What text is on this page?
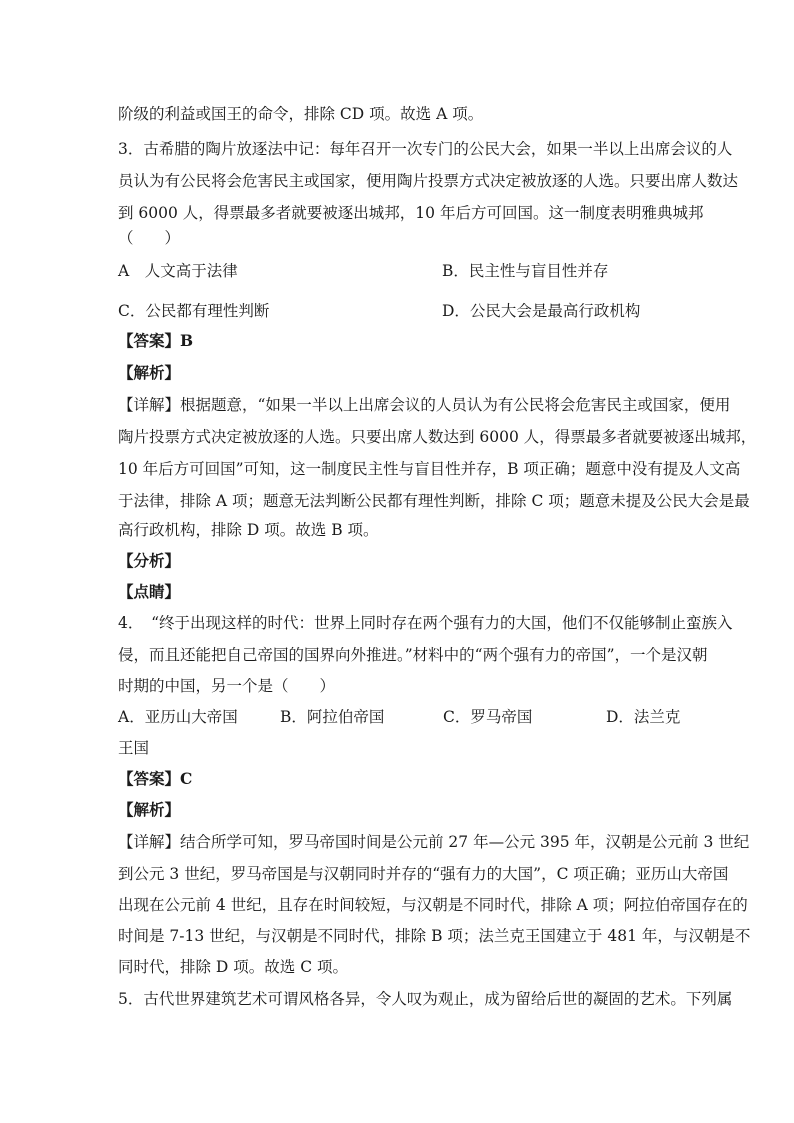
阶级的利益或国王的命令，排除 CD 项。故选 A 项。
3．古希腊的陶片放逐法中记：每年召开一次专门的公民大会，如果一半以上出席会议的人
员认为有公民将会危害民主或国家，便用陶片投票方式决定被放逐的人选。只要出席人数达
到 6000 人，得票最多者就要被逐出城邦，10 年后方可回国。这一制度表明雅典城邦
（　　）
A　人文高于法律	B．民主性与盲目性并存
C．公民都有理性判断	D．公民大会是最高行政机构
【答案】B
【解析】
【详解】根据题意，“如果一半以上出席会议的人员认为有公民将会危害民主或国家，便用
陶片投票方式决定被放逐的人选。只要出席人数达到 6000 人，得票最多者就要被逐出城邦，
10 年后方可回国”可知，这一制度民主性与盲目性并存，B 项正确；题意中没有提及人文高
于法律，排除 A 项；题意无法判断公民都有理性判断，排除 C 项；题意未提及公民大会是最
高行政机构，排除 D 项。故选 B 项。
【分析】
【点睛】
4．　“终于出现这样的时代：世界上同时存在两个强有力的大国，他们不仅能够制止蛮族入
侵，而且还能把自己帝国的国界向外推进。”材料中的“两个强有力的帝国”，一个是汉朝
时期的中国，另一个是（　　）
A．亚历山大帝国	B．阿拉伯帝国	C．罗马帝国	D．法兰克
王国
【答案】C
【解析】
【详解】结合所学可知，罗马帝国时间是公元前 27 年—公元 395 年，汉朝是公元前 3 世纪
到公元 3 世纪，罗马帝国是与汉朝同时并存的“强有力的大国”，C 项正确；亚历山大帝国
出现在公元前 4 世纪，且存在时间较短，与汉朝是不同时代，排除 A 项；阿拉伯帝国存在的
时间是 7-13 世纪，与汉朝是不同时代，排除 B 项；法兰克王国建立于 481 年，与汉朝是不
同时代，排除 D 项。故选 C 项。
5．古代世界建筑艺术可谓风格各异，令人叹为观止，成为留给后世的凝固的艺术。下列属
